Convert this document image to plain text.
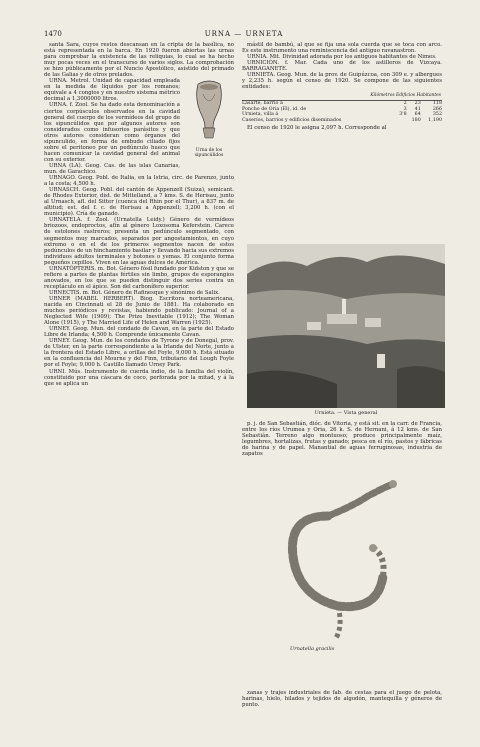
1470	URNA — URNETA

santa Sara, cuyos restos descansan en la cripta de la basílica, no está representada en la barca. En 1920 fueron abiertas las urnas para comprobar la existencia de las reliquias, lo cual se ha hecho muy pocas veces en el transcurso de varios siglos. La comprobación se hizo públicamente por el Nuncio Apostólico, asistido del primado de las Galias y de otros prelados.

Urna de los sipuncúlidos

URNA. Metrol. Unidad de capacidad empleada en la medida de líquidos por los romanos; equivale a 4 congios y en nuestro sistema métrico decimal a 1,3000000 litros.

URNA. f. Zool. Se ha dado esta denominación a ciertos corpúsculos observados en la cavidad general del cuerpo de los vermídeos del grupo de los sipuncúlidos que por algunos autores son considerados como infusorios parásitos y que otros autores consideran como órganos del sipunculido, en forma de embudo ciliado fijos sobre el peritoneo por un pedúnculo hueco que hacen comunicar la cavidad general del animal con su exterior.

URNA (LA). Geog. Cas. de las islas Canarias, mun. de Garachico.

URNAGO. Geog. Pobl. de Italia, en la Istria, circ. de Parenzo, junto a la costa; 4,500 h.

URNASCH. Geog. Pobl. del cantón de Appenzell (Suiza), semicant. de Rhodes Exterior, dist. de Mittelland, a 7 kms. S. de Herisau, junto al Urnasch, afl. del Sitter (cuenca del Rhin por el Thur), a 837 m. de altitud; est. del f. c. de Herisau a Appenzell; 3,200 h. (con el municipio). Cría de ganado.

URNATELA. f. Zool. (Urnatella Leidy.) Género de vermídeos briozoos, endoproctos, afín al género Loxosoma Keferstein. Carece de estolones rastreros; presenta un pedúnculo segmentado, con segmentos muy marcados, separados por angostamientos, en cuyo extremo o en el de los primeros segmentos nacen de estos pedúnculos de un hinchamiento basilar y llevando hacia sus extremos individuos adultos terminales y botones o yemas. El conjunto forma pequeños cepillos. Viven en las aguas dulces de América.

URNATÓPTERIS. m. Bot. Género fósil fundado por Kidston y que se refiere a partes de plantas fértiles sin limbo, grupos de esporangios anovados, en los que se pueden distinguir dos series contra un receptáculo en el ápice. Son del carbonífero superior.

URNECTIS. m. Bot. Género de Rafinesque y sinónimo de Salix.

URNER (MABEL HERBERT). Biog. Escritora norteamericana, nacida en Cincinnati el 28 de Junio de 1881. Ha colaborado en muchos periódicos y revistas, habiendo publicado: Journal of a Neglected Wife (1909); The Prize Inevitable (1912); The Woman Alone (1915), y The Married Life of Helen and Warren (1925).

URNEY. Geog. Mun. del condado de Cavan, en la parte del Estado Libre de Irlanda; 4,500 h. Comprende únicamente Cavan.

URNEY. Geog. Mun. de los condados de Tyrone y de Donegal, prov. de Ulster, en la parte correspondiente a la Irlanda del Norte, junto a la frontera del Estado Libre, a orillas del Foyle, 9,000 h. Está situado en la confluencia del Mourne y del Finn, tributario del Lough Foyle por el Foyle; 9,000 h. Castillo llamado Urney Park.

URNI. Mús. Instrumento de cuerda indio, de la familia del violín, constituido por una cáscara de coco, perforada por la mitad, y á la que se aplica un

mástil de bambú, al que se fija una sola cuerda que se toca con arco. Es este instrumento una reminiscencia del antiguo ravanastron.

URNIA. Mit. Divinidad adorada por los antiguos habitantes de Nimes.

URNICIÓN. f. Mar. Cada uno de los astilleros de Vizcaya. BARRAGANETE.

URNIETA. Geog. Mun. de la prov. de Guipúzcoa, con 309 e. y albergues y 2,235 h. según el censo de 1920. Se compone de las siguientes entidades:

Kilómetros Edificios Habitantes			
Lasarte, barrio á	2	23	118
Poncho de Oria (El), id. de	3	41	266
Urnieta, villa á	3'8	64	352
Caseríos, barrios y edificios diseminados		180	1,190

El censo de 1920 le asigna 2,097 h. Corresponde al

Urnieta. — Vista general

p. j. de San Sebastián, dióc. de Vitoria, y está sit. en la carr. de Francia, entre los ríos Urumea y Oria, 26 k. S. de Hernani, á 12 kms. de San Sebastián. Terreno algo montuoso; produce principalmente maíz, legumbres, hortalizas, frutas y ganado; pesca en el río, pastos y fábricas de harina y de papel. Manantial de aguas ferruginosas, industria de zapatos

Urnatella gracilis

zanas y trajes industriales de fab. de cestas para el juego de pelota, harinas, hielo, hilados y tejidos de algodón, mantequilla y géneros de punto.
